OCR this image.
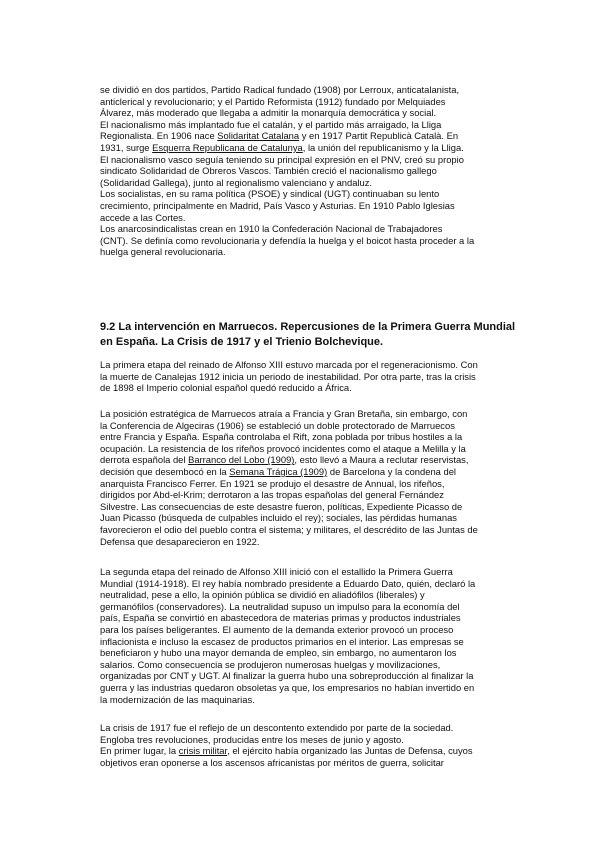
se dividió en dos partidos, Partido Radical fundado (1908) por Lerroux, anticatalanista,
anticlerical y revolucionario; y el Partido Reformista (1912) fundado por Melquiades
Álvarez, más moderado que llegaba a admitir la monarquía democrática y social.
El nacionalismo más implantado fue el catalán, y el partido más arraigado, la Lliga
Regionalista. En 1906 nace Solidaritat Catalana y en 1917 Partit Republicà Català. En
1931, surge Esquerra Republicana de Catalunya, la unión del republicanismo y la Lliga.
El nacionalismo vasco seguía teniendo su principal expresión en el PNV, creó su propio
sindicato Solidaridad de Obreros Vascos. También creció el nacionalismo gallego
(Solidaridad Gallega), junto al regionalismo valenciano y andaluz.
Los socialistas, en su rama política (PSOE) y sindical (UGT) continuaban su lento
crecimiento, principalmente en Madrid, País Vasco y Asturias. En 1910 Pablo Iglesias
accede a las Cortes.
Los anarcosindicalistas crean en 1910 la Confederación Nacional de Trabajadores
(CNT). Se definía como revolucionaria y defendía la huelga y el boicot hasta proceder a la
huelga general revolucionaria.

9.2 La intervención en Marruecos. Repercusiones de la Primera Guerra Mundial
en España. La Crisis de 1917 y el Trienio Bolchevique.

La primera etapa del reinado de Alfonso XIII estuvo marcada por el regeneracionismo. Con
la muerte de Canalejas 1912 inicia un periodo de inestabilidad. Por otra parte, tras la crisis
de 1898 el Imperio colonial español quedó reducido a África.

La posición estratégica de Marruecos atraía a Francia y Gran Bretaña, sin embargo, con
la Conferencia de Algeciras (1906) se estableció un doble protectorado de Marruecos
entre Francia y España. España controlaba el Rift, zona poblada por tribus hostiles a la
ocupación. La resistencia de los rifeños provocó incidentes como el ataque a Melilla y la
derrota española del Barranco del Lobo (1909), esto llevó a Maura a reclutar reservistas,
decisión que desembocó en la Semana Trágica (1909) de Barcelona y la condena del
anarquista Francisco Ferrer. En 1921 se produjo el desastre de Annual, los rifeños,
dirigidos por Abd-el-Krim; derrotaron a las tropas españolas del general Fernández
Silvestre. Las consecuencias de este desastre fueron, políticas, Expediente Picasso de
Juan Picasso (búsqueda de culpables incluido el rey); sociales, las pérdidas humanas
favorecieron el odio del pueblo contra el sistema; y militares, el descrédito de las Juntas de
Defensa que desaparecieron en 1922.

La segunda etapa del reinado de Alfonso XIII inició con el estallido la Primera Guerra
Mundial (1914-1918). El rey había nombrado presidente a Eduardo Dato, quién, declaró la
neutralidad, pese a ello, la opinión pública se dividió en aliadófilos (liberales) y
germanófilos (conservadores). La neutralidad supuso un impulso para la economía del
país, España se convirtió en abastecedora de materias primas y productos industriales
para los países beligerantes. El aumento de la demanda exterior provocó un proceso
inflacionista e incluso la escasez de productos primarios en el interior. Las empresas se
beneficiaron y hubo una mayor demanda de empleo, sin embargo, no aumentaron los
salarios. Como consecuencia se produjeron numerosas huelgas y movilizaciones,
organizadas por CNT y UGT. Al finalizar la guerra hubo una sobreproducción al finalizar la
guerra y las industrias quedaron obsoletas ya que, los empresarios no habían invertido en
la modernización de las maquinarias.

La crisis de 1917 fue el reflejo de un descontento extendido por parte de la sociedad.
Engloba tres revoluciones, producidas entre los meses de junio y agosto.
En primer lugar, la crisis militar, el ejército había organizado las Juntas de Defensa, cuyos
objetivos eran oponerse a los ascensos africanistas por méritos de guerra, solicitar
